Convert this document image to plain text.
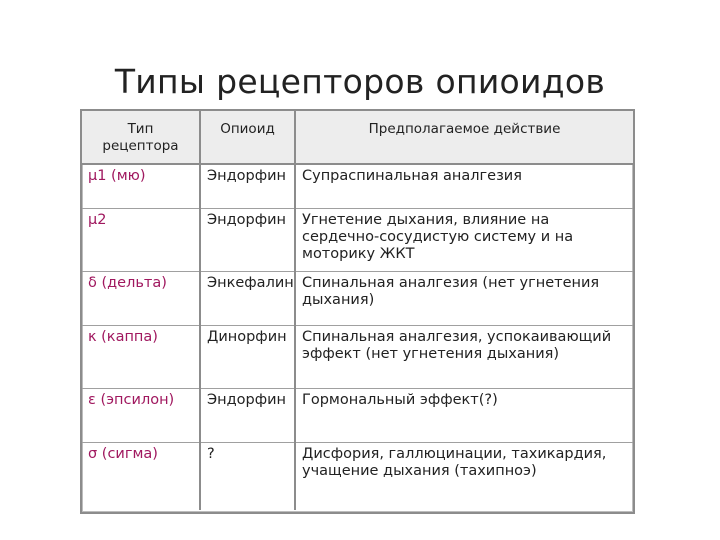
Типы рецепторов опиоидов
Тип рецептора	Опиоид	Предполагаемое действие
μ1 (мю)	Эндорфин	Супраспинальная аналгезия
μ2	Эндорфин	Угнетение дыхания, влияние на сердечно-сосудистую систему и на моторику ЖКТ
δ (дельта)	Энкефалин	Спинальная аналгезия (нет угнетения дыхания)
κ (каппа)	Динорфин	Спинальная аналгезия, успокаивающий эффект (нет угнетения дыхания)
ε (эпсилон)	Эндорфин	Гормональный эффект(?)
σ (сигма)	?	Дисфория, галлюцинации, тахикардия, учащение дыхания (тахипноэ)
